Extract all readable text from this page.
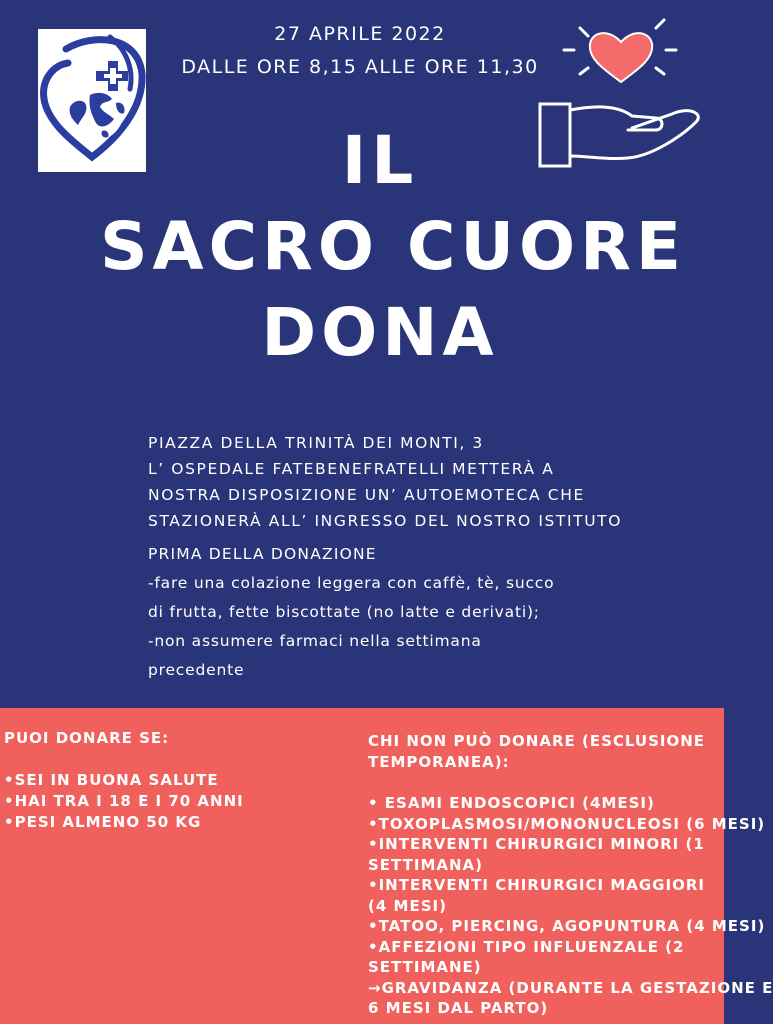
27 APRILE 2022
DALLE ORE 8,15 ALLE ORE 11,30
IL
SACRO CUORE
DONA
PIAZZA DELLA TRINITÀ DEI MONTI, 3
L’ OSPEDALE FATEBENEFRATELLI METTERÀ A
NOSTRA DISPOSIZIONE UN’ AUTOEMOTECA CHE
STAZIONERÀ ALL’ INGRESSO DEL NOSTRO ISTITUTO
PRIMA DELLA DONAZIONE
-fare una colazione leggera con caffè, tè, succo
di frutta, fette biscottate (no latte e derivati);
-non assumere farmaci nella settimana
precedente
PUOI DONARE SE:
•SEI IN BUONA SALUTE
•HAI TRA I 18 E I 70 ANNI
•PESI ALMENO 50 KG
CHI NON PUÒ DONARE (ESCLUSIONE
TEMPORANEA):
• ESAMI ENDOSCOPICI (4MESI)
•TOXOPLASMOSI/MONONUCLEOSI (6 MESI)
•INTERVENTI CHIRURGICI MINORI (1
SETTIMANA)
•INTERVENTI CHIRURGICI MAGGIORI
(4 MESI)
•TATOO, PIERCING, AGOPUNTURA (4 MESI)
•AFFEZIONI TIPO INFLUENZALE (2
SETTIMANE)
→GRAVIDANZA (DURANTE LA GESTAZIONE E
6 MESI DAL PARTO)
